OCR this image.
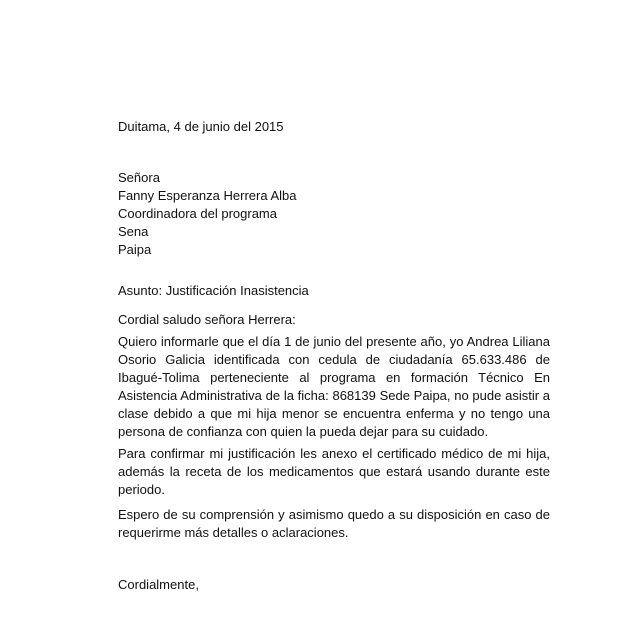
Duitama, 4 de junio del 2015
Señora
Fanny Esperanza Herrera Alba
Coordinadora del programa
Sena
Paipa
Asunto: Justificación Inasistencia
Cordial saludo señora Herrera:
Quiero informarle que el día 1 de junio del presente año, yo Andrea Liliana Osorio Galicia identificada con cedula de ciudadanía 65.633.486 de Ibagué-Tolima perteneciente al programa en formación Técnico En Asistencia Administrativa de la ficha: 868139 Sede Paipa, no pude asistir a clase debido a que mi hija menor se encuentra enferma y no tengo una persona de confianza con quien la pueda dejar para su cuidado.
Para confirmar mi justificación les anexo el certificado médico de mi hija, además la receta de los medicamentos que estará usando durante este periodo.
Espero de su comprensión y asimismo quedo a su disposición en caso de requerirme más detalles o aclaraciones.
Cordialmente,
